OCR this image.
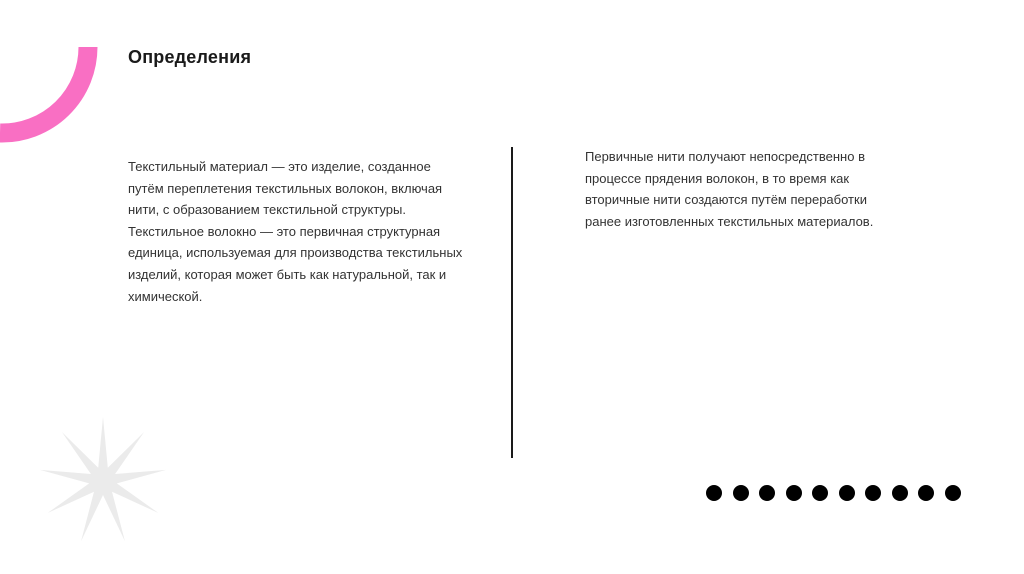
Определения
Текстильный материал — это изделие, созданное путём переплетения текстильных волокон, включая нити, с образованием текстильной структуры. Текстильное волокно — это первичная структурная единица, используемая для производства текстильных изделий, которая может быть как натуральной, так и химической.
Первичные нити получают непосредственно в процессе прядения волокон, в то время как вторичные нити создаются путём переработки ранее изготовленных текстильных материалов.
